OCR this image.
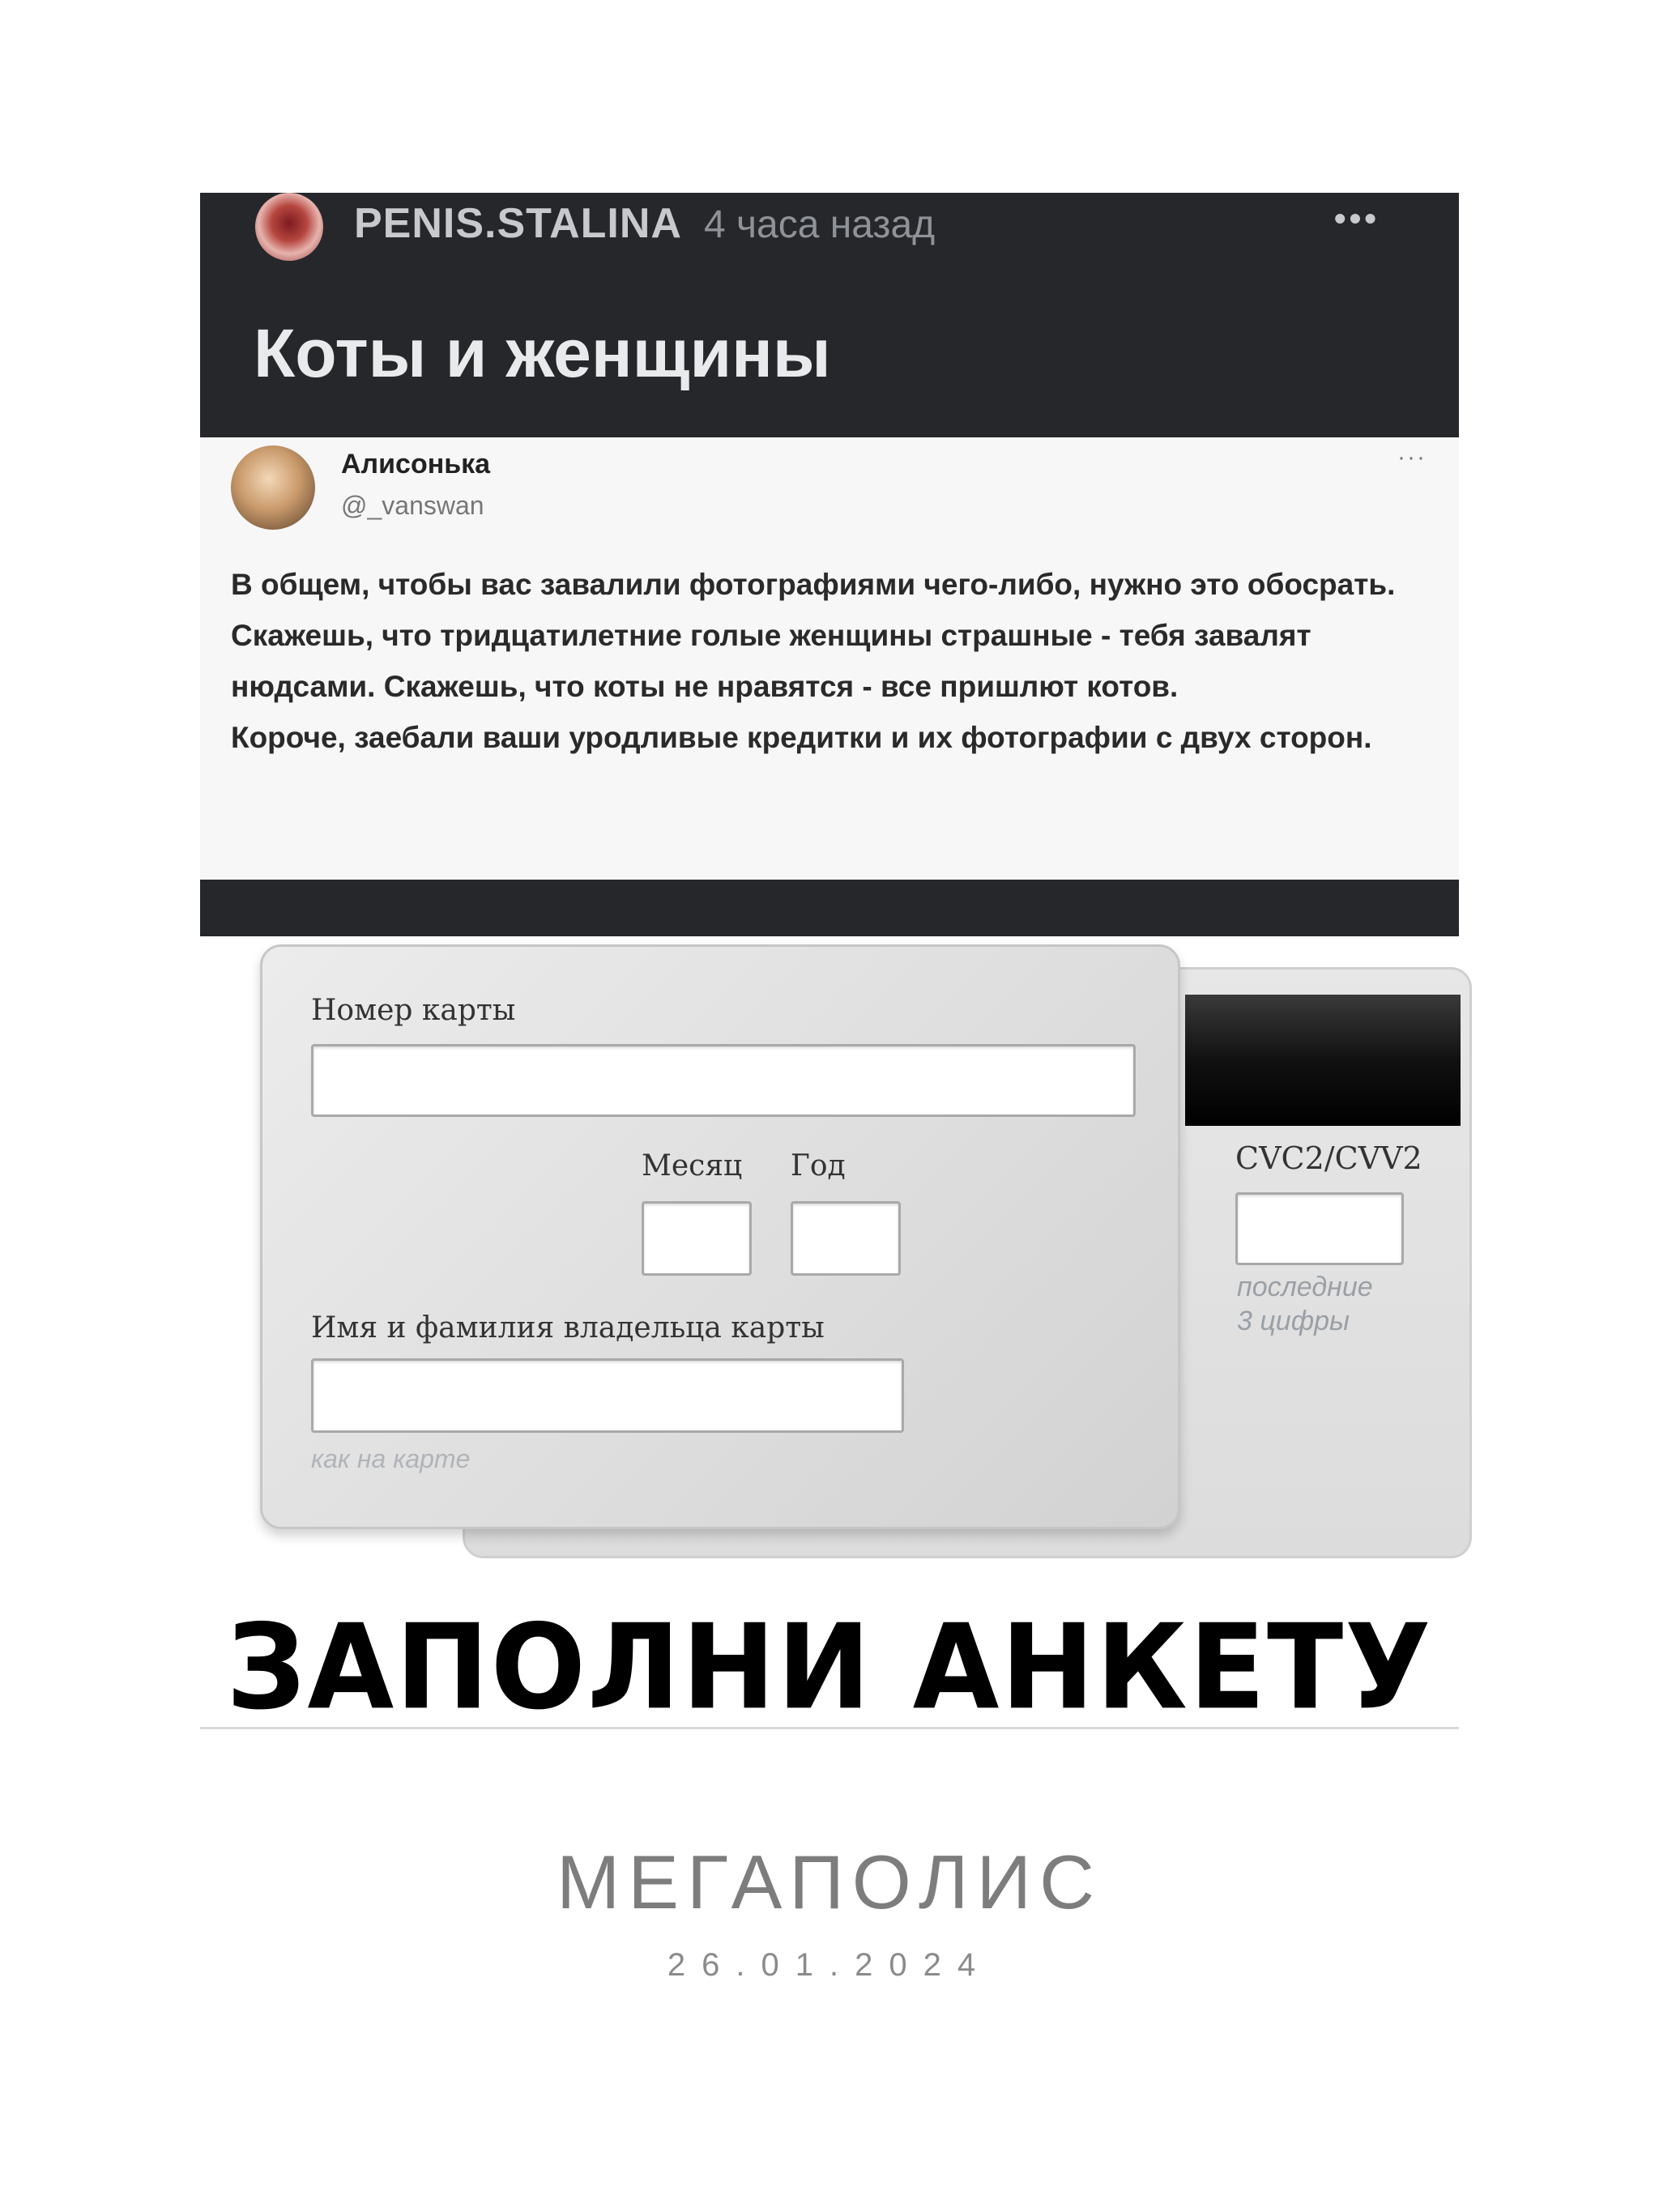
PENIS.STALINA 4 часа назад	•••
Коты и женщины
Алисонька
@_vanswan
···
В общем, чтобы вас завалили фотографиями чего-либо, нужно это обосрать. Скажешь, что тридцатилетние голые женщины страшные - тебя завалят нюдсами. Скажешь, что коты не нравятся - все пришлют котов.
Короче, заебали ваши уродливые кредитки и их фотографии с двух сторон.
CVC2/CVV2
последние
3 цифры
Номер карты
Месяц Год
Имя и фамилия владельца карты
как на карте
ЗАПОЛНИ АНКЕТУ
МЕГАПОЛИС
26.01.2024
